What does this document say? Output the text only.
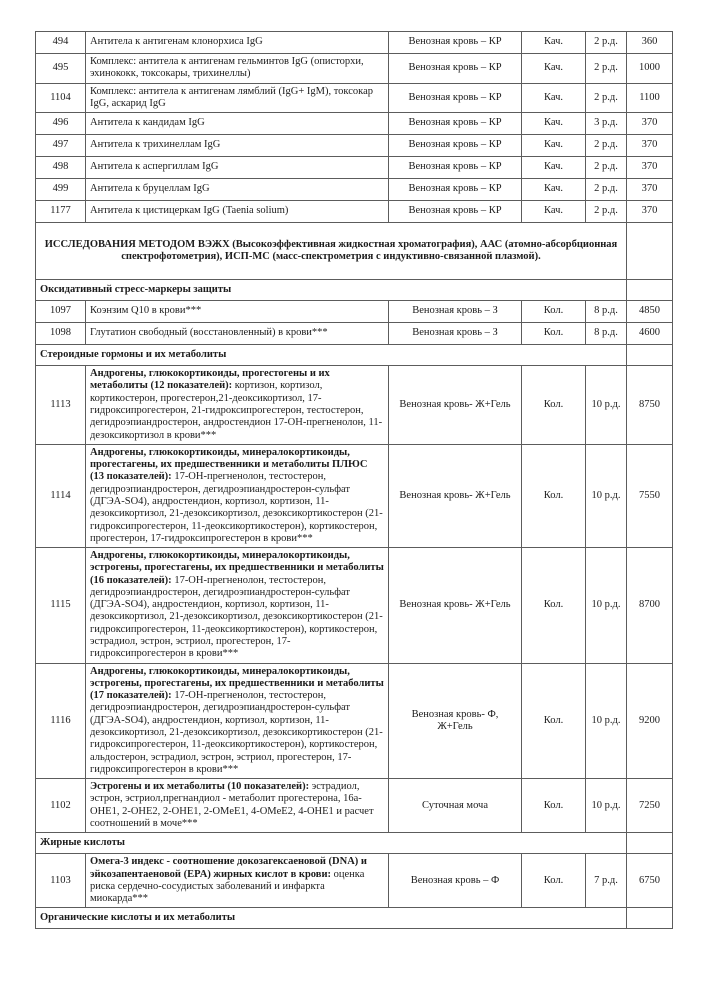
494	Антитела к антигенам клонорхиса IgG	Венозная кровь – КР	Кач.	2 р.д.	360
495	Комплекс: антитела к антигенам гельминтов IgG (описторхи, эхинококк, токсокары, трихинеллы)	Венозная кровь – КР	Кач.	2 р.д.	1000
1104	Комплекс: антитела к антигенам лямблий (IgG+ IgM), токсокар IgG, аскарид IgG	Венозная кровь – КР	Кач.	2 р.д.	1100
496	Антитела к кандидам IgG	Венозная кровь – КР	Кач.	3 р.д.	370
497	Антитела к трихинеллам IgG	Венозная кровь – КР	Кач.	2 р.д.	370
498	Антитела к аспергиллам IgG	Венозная кровь – КР	Кач.	2 р.д.	370
499	Антитела к бруцеллам IgG	Венозная кровь – КР	Кач.	2 р.д.	370
1177	Антитела к цистицеркам IgG (Taenia solium)	Венозная кровь – КР	Кач.	2 р.д.	370
ИССЛЕДОВАНИЯ МЕТОДОМ ВЭЖХ (Высокоэффективная жидкостная хроматография), ААС (атомно-абсорбционная спектрофотометрия), ИСП-МС (масс-спектрометрия с индуктивно-связанной плазмой).					
Оксидативный стресс-маркеры защиты					
1097	Коэнзим Q10 в крови***	Венозная кровь – З	Кол.	8 р.д.	4850
1098	Глутатион свободный (восстановленный) в крови***	Венозная кровь – З	Кол.	8 р.д.	4600
Стероидные гормоны и их метаболиты					
1113	Андрогены, глюкокортикоиды, прогестогены и их метаболиты (12 показателей): кортизон, кортизол, кортикостерон, прогестерон,21-деоксикортизол, 17-гидроксипрогестерон, 21-гидроксипрогестерон, тестостерон, дегидроэпиандростерон, андростендион 17-ОН-прегненолон, 11-дезоксикортизол в крови***	Венозная кровь- Ж+Гель	Кол.	10 р.д.	8750
1114	Андрогены, глюкокортикоиды, минералокортикоиды, прогестагены, их предшественники и метаболиты ПЛЮС (13 показателей): 17-ОН-прегненолон, тестостерон, дегидроэпиандростерон, дегидроэпиандростерон-сульфат (ДГЭА-SO4), андростендион, кортизол, кортизон, 11-дезоксикортизол, 21-дезоксикортизол, дезоксикортикостерон (21-гидроксипрогестерон, 11-деоксикортикостерон), кортикостерон, прогестерон, 17-гидроксипрогестерон в крови***	Венозная кровь- Ж+Гель	Кол.	10 р.д.	7550
1115	Андрогены, глюкокортикоиды, минералокортикоиды, эстрогены, прогестагены, их предшественники и метаболиты (16 показателей): 17-ОН-прегненолон, тестостерон, дегидроэпиандростерон, дегидроэпиандростерон-сульфат (ДГЭА-SO4), андростендион, кортизол, кортизон, 11-дезоксикортизол, 21-дезоксикортизол, дезоксикортикостерон (21-гидроксипрогестерон, 11-деоксикортикостерон), кортикостерон, эстрадиол, эстрон, эстриол, прогестерон, 17-гидроксипрогестерон в крови***	Венозная кровь- Ж+Гель	Кол.	10 р.д.	8700
1116	Андрогены, глюкокортикоиды, минералокортикоиды, эстрогены, прогестагены, их предшественники и метаболиты (17 показателей): 17-ОН-прегненолон, тестостерон, дегидроэпиандростерон, дегидроэпиандростерон-сульфат (ДГЭА-SO4), андростендион, кортизол, кортизон, 11-дезоксикортизол, 21-дезоксикортизол, дезоксикортикостерон (21-гидроксипрогестерон, 11-деоксикортикостерон), кортикостерон, альдостерон, эстрадиол, эстрон, эстриол, прогестерон, 17-гидроксипрогестерон в крови***	Венозная кровь- Ф, Ж+Гель	Кол.	10 р.д.	9200
1102	Эстрогены и их метаболиты (10 показателей): эстрадиол, эстрон, эстриол,прегнандиол - метаболит прогестерона, 16a-OHE1, 2-OHE2, 2-OHE1, 2-OMeE1, 4-OMeE2, 4-OHE1 и расчет соотношений в моче***	Суточная моча	Кол.	10 р.д.	7250
Жирные кислоты					
1103	Омега-3 индекс - соотношение докозагексаеновой (DNA) и эйкозапентаеновой (EPA) жирных кислот в крови: оценка риска сердечно-сосудистых заболеваний и инфаркта миокарда***	Венозная кровь – Ф	Кол.	7 р.д.	6750
Органические кислоты и их метаболиты					
